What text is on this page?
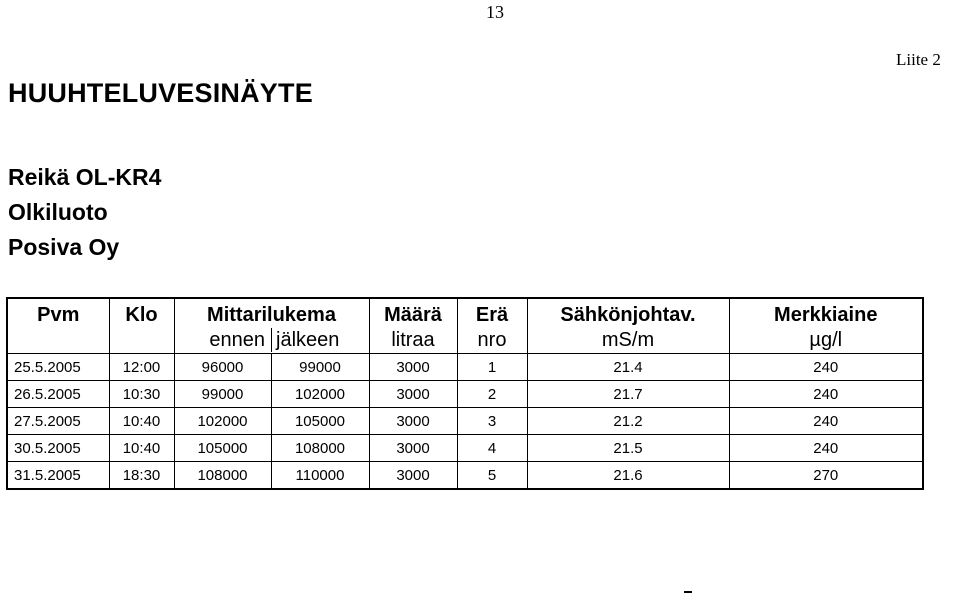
13
Liite 2
HUUHTELUVESINÄYTE
Reikä OL-KR4
Olkiluoto
Posiva Oy
Pvm	Klo	Mittarilukema		Määrä	Erä	Sähkönjohtav.	Merkkiaine
		ennen	jälkeen	litraa	nro	mS/m	µg/l
25.5.2005	12:00	96000	99000	3000	1	21.4	240
26.5.2005	10:30	99000	102000	3000	2	21.7	240
27.5.2005	10:40	102000	105000	3000	3	21.2	240
30.5.2005	10:40	105000	108000	3000	4	21.5	240
31.5.2005	18:30	108000	110000	3000	5	21.6	270
